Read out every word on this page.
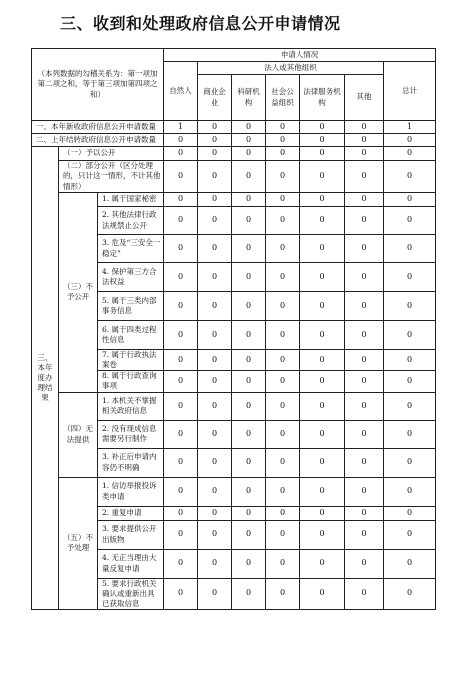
三、收到和处理政府信息公开申请情况
（本列数据的勾稽关系为：第一项加第二项之和，等于第三项加第四项之和）			申请人情况						
			自然人	法人或其他组织					总计
				商业企业	科研机构	社会公益组织	法律服务机构	其他	
一、本年新收政府信息公开申请数量			1	0	0	0	0	0	1
二、上年结转政府信息公开申请数量			0	0	0	0	0	0	0
三、本年度办理结果	（一）予以公开		0	0	0	0	0	0	0
	（二）部分公开（区分处理的，只计这一情形，不计其他情形）		0	0	0	0	0	0	0
	（三）不予公开	1. 属于国家秘密	0	0	0	0	0	0	0
		2. 其他法律行政法规禁止公开	0	0	0	0	0	0	0
		3. 危及“三安全一稳定”	0	0	0	0	0	0	0
		4. 保护第三方合法权益	0	0	0	0	0	0	0
		5. 属于三类内部事务信息	0	0	0	0	0	0	0
		6. 属于四类过程性信息	0	0	0	0	0	0	0
		7. 属于行政执法案卷	0	0	0	0	0	0	0
		8. 属于行政查询事项	0	0	0	0	0	0	0
	（四）无法提供	1. 本机关不掌握相关政府信息	0	0	0	0	0	0	0
		2. 没有现成信息需要另行制作	0	0	0	0	0	0	0
		3. 补正后申请内容仍不明确	0	0	0	0	0	0	0
	（五）不予处理	1. 信访举报投诉类申请	0	0	0	0	0	0	0
		2. 重复申请	0	0	0	0	0	0	0
		3. 要求提供公开出版物	0	0	0	0	0	0	0
		4. 无正当理由大量反复申请	0	0	0	0	0	0	0
		5. 要求行政机关确认或重新出具已获取信息	0	0	0	0	0	0	0
